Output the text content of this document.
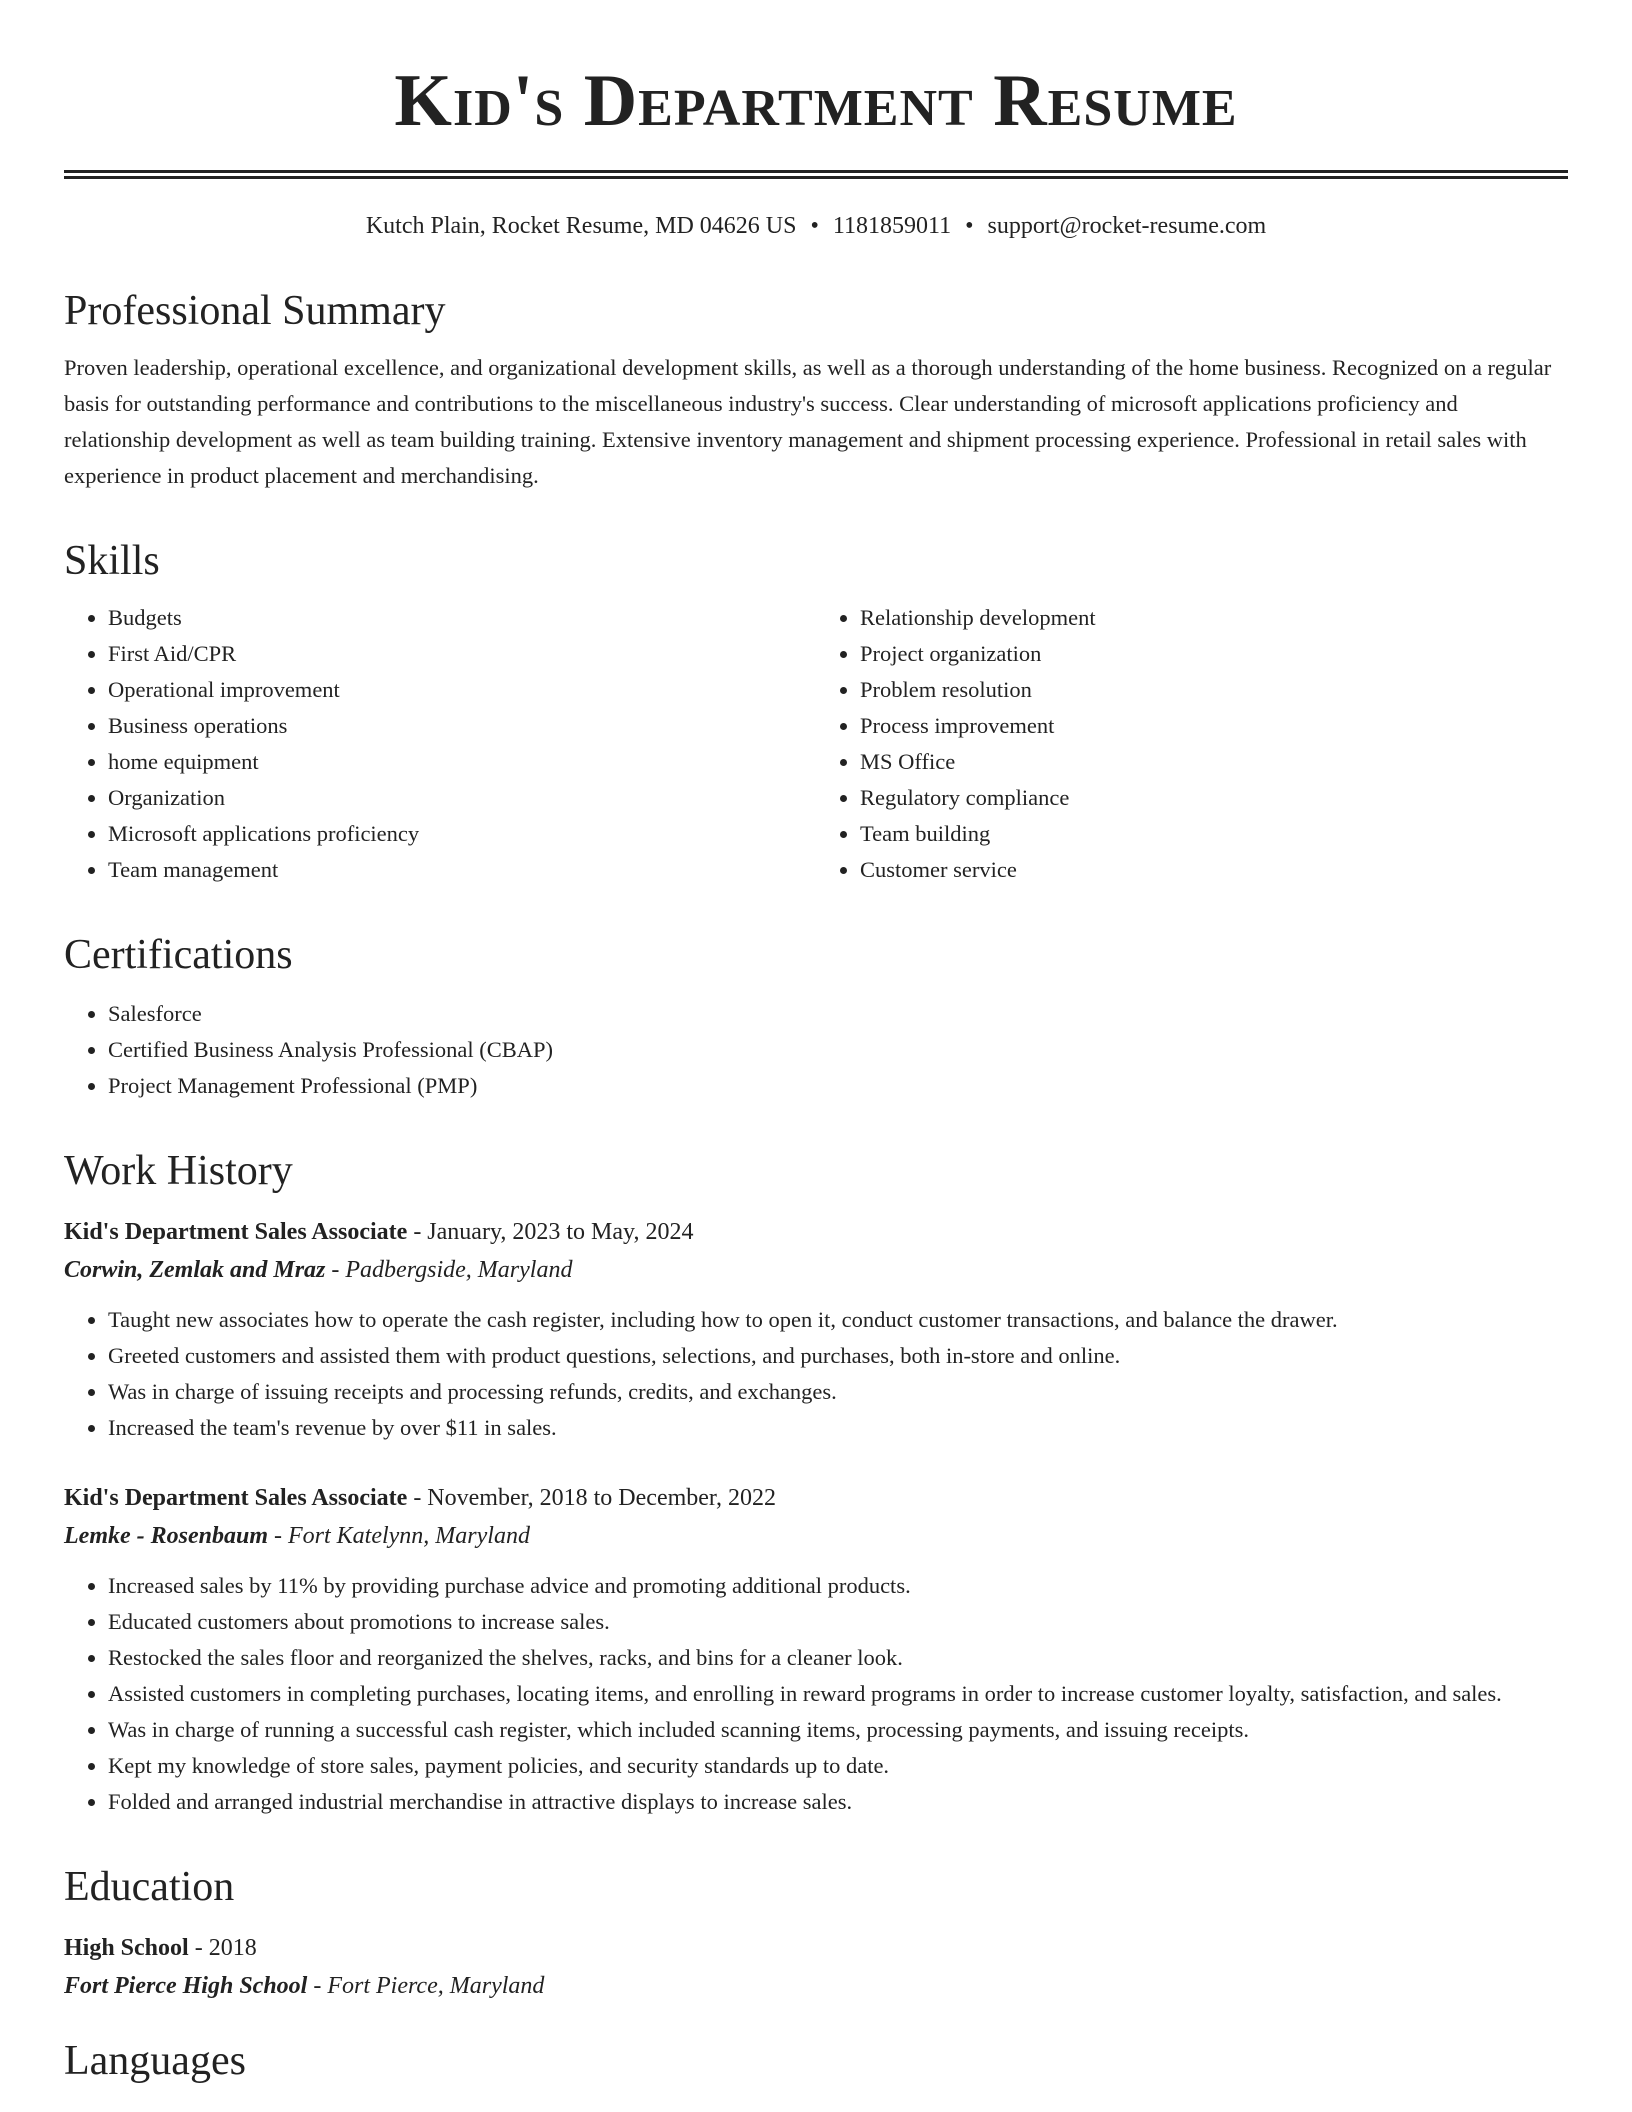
Kid's Department Resume
Kutch Plain, Rocket Resume, MD 04626 US • 1181859011 • support@rocket-resume.com
Professional Summary
Proven leadership, operational excellence, and organizational development skills, as well as a thorough understanding of the home business. Recognized on a regular basis for outstanding performance and contributions to the miscellaneous industry's success. Clear understanding of microsoft applications proficiency and relationship development as well as team building training. Extensive inventory management and shipment processing experience. Professional in retail sales with experience in product placement and merchandising.
Skills
• Budgets
• First Aid/CPR
• Operational improvement
• Business operations
• home equipment
• Organization
• Microsoft applications proficiency
• Team management
• Relationship development
• Project organization
• Problem resolution
• Process improvement
• MS Office
• Regulatory compliance
• Team building
• Customer service
Certifications
• Salesforce
• Certified Business Analysis Professional (CBAP)
• Project Management Professional (PMP)
Work History
Kid's Department Sales Associate - January, 2023 to May, 2024
Corwin, Zemlak and Mraz - Padbergside, Maryland
• Taught new associates how to operate the cash register, including how to open it, conduct customer transactions, and balance the drawer.
• Greeted customers and assisted them with product questions, selections, and purchases, both in-store and online.
• Was in charge of issuing receipts and processing refunds, credits, and exchanges.
• Increased the team's revenue by over $11 in sales.
Kid's Department Sales Associate - November, 2018 to December, 2022
Lemke - Rosenbaum - Fort Katelynn, Maryland
• Increased sales by 11% by providing purchase advice and promoting additional products.
• Educated customers about promotions to increase sales.
• Restocked the sales floor and reorganized the shelves, racks, and bins for a cleaner look.
• Assisted customers in completing purchases, locating items, and enrolling in reward programs in order to increase customer loyalty, satisfaction, and sales.
• Was in charge of running a successful cash register, which included scanning items, processing payments, and issuing receipts.
• Kept my knowledge of store sales, payment policies, and security standards up to date.
• Folded and arranged industrial merchandise in attractive displays to increase sales.
Education
High School - 2018
Fort Pierce High School - Fort Pierce, Maryland
Languages
